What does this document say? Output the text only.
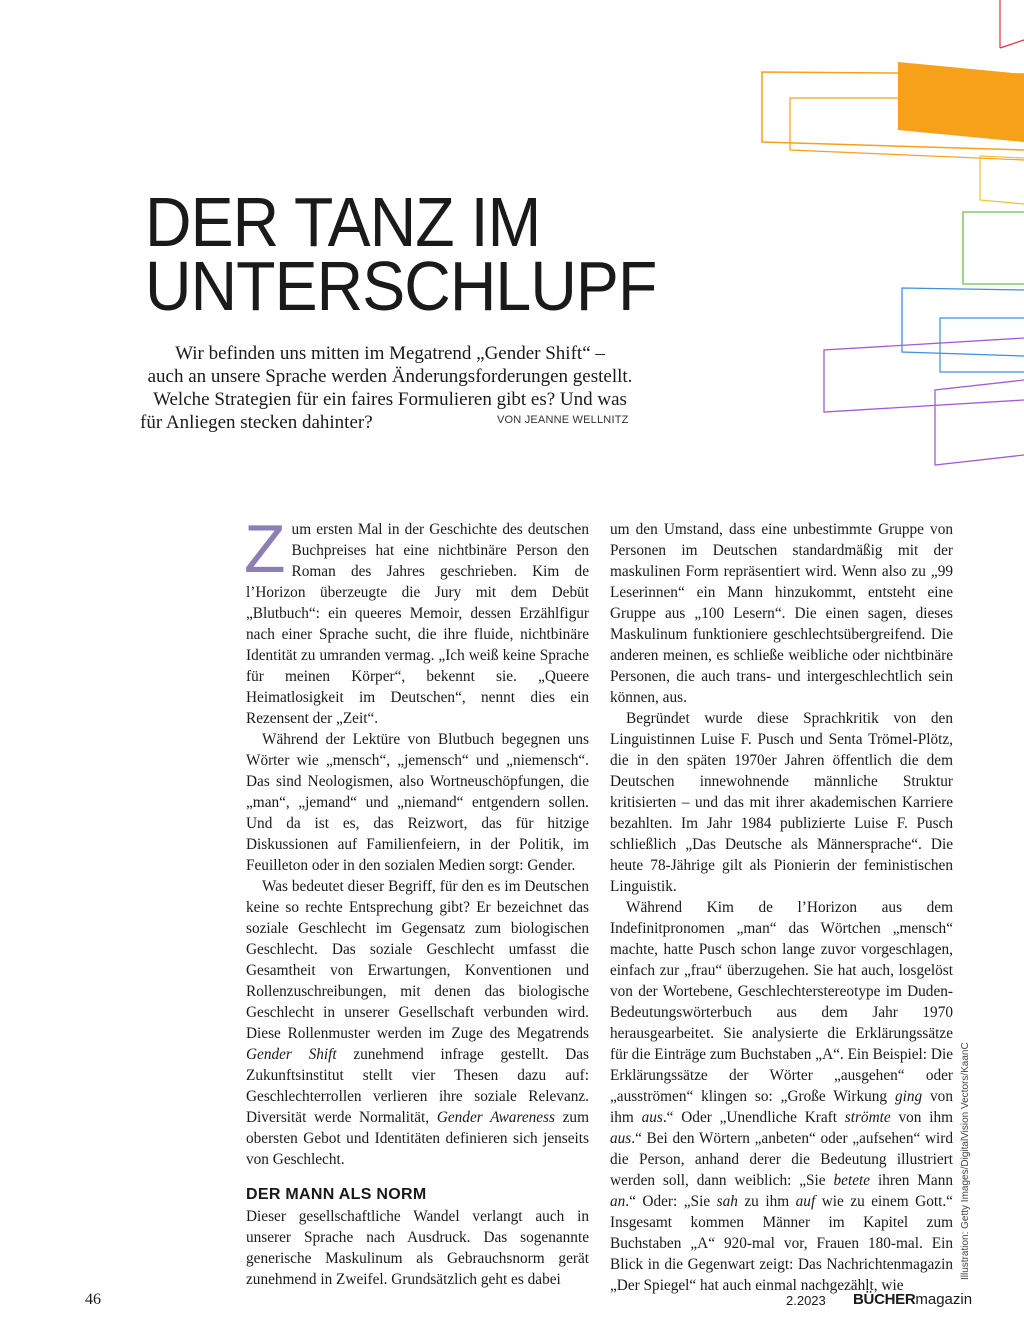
DER TANZ IM
UNTERSCHLUPF
Wir befinden uns mitten im Megatrend „Gender Shift“ –
auch an unsere Sprache werden Änderungsforderungen gestellt.
Welche Strategien für ein faires Formulieren gibt es? Und was
für Anliegen stecken dahinter?	VON JEANNE WELLNITZ

Zum ersten Mal in der Geschichte des deutschen Buchpreises hat eine nichtbinäre Person den Roman des Jahres geschrieben. Kim de l’Horizon überzeugte die Jury mit dem Debüt „Blutbuch“: ein queeres Memoir, dessen Erzählfigur nach einer Sprache sucht, die ihre fluide, nichtbinäre Identität zu umranden vermag. „Ich weiß keine Sprache für meinen Körper“, bekennt sie. „Queere Heimatlosigkeit im Deutschen“, nennt dies ein Rezensent der „Zeit“.

Während der Lektüre von Blutbuch begegnen uns Wörter wie „mensch“, „jemensch“ und „niemensch“. Das sind Neologismen, also Wortneuschöpfungen, die „man“, „jemand“ und „niemand“ entgendern sollen. Und da ist es, das Reizwort, das für hitzige Diskussionen auf Familienfeiern, in der Politik, im Feuilleton oder in den sozialen Medien sorgt: Gender.

Was bedeutet dieser Begriff, für den es im Deutschen keine so rechte Entsprechung gibt? Er bezeichnet das soziale Geschlecht im Gegensatz zum biologischen Geschlecht. Das soziale Geschlecht umfasst die Gesamtheit von Erwartungen, Konventionen und Rollenzuschreibungen, mit denen das biologische Geschlecht in unserer Gesellschaft verbunden wird. Diese Rollenmuster werden im Zuge des Megatrends Gender Shift zunehmend infrage gestellt. Das Zukunftsinstitut stellt vier Thesen dazu auf: Geschlechterrollen verlieren ihre soziale Relevanz. Diversität werde Normalität, Gender Awareness zum obersten Gebot und Identitäten definieren sich jenseits von Geschlecht.

DER MANN ALS NORM

Dieser gesellschaftliche Wandel verlangt auch in unserer Sprache nach Ausdruck. Das sogenannte generische Maskulinum als Gebrauchsnorm gerät zunehmend in Zweifel. Grundsätzlich geht es dabei

um den Umstand, dass eine unbestimmte Gruppe von Personen im Deutschen standardmäßig mit der maskulinen Form repräsentiert wird. Wenn also zu „99 Leserinnen“ ein Mann hinzukommt, entsteht eine Gruppe aus „100 Lesern“. Die einen sagen, dieses Maskulinum funktioniere geschlechtsübergreifend. Die anderen meinen, es schließe weibliche oder nichtbinäre Personen, die auch trans- und intergeschlechtlich sein können, aus.

Begründet wurde diese Sprachkritik von den Linguistinnen Luise F. Pusch und Senta Trömel-Plötz, die in den späten 1970er Jahren öffentlich die dem Deutschen innewohnende männliche Struktur kritisierten – und das mit ihrer akademischen Karriere bezahlten. Im Jahr 1984 publizierte Luise F. Pusch schließlich „Das Deutsche als Männersprache“. Die heute 78-Jährige gilt als Pionierin der feministischen Linguistik.

Während Kim de l’Horizon aus dem Indefinitpronomen „man“ das Wörtchen „mensch“ machte, hatte Pusch schon lange zuvor vorgeschlagen, einfach zur „frau“ überzugehen. Sie hat auch, losgelöst von der Wortebene, Geschlechterstereotype im Duden-Bedeutungswörterbuch aus dem Jahr 1970 herausgearbeitet. Sie analysierte die Erklärungssätze für die Einträge zum Buchstaben „A“. Ein Beispiel: Die Erklärungssätze der Wörter „ausgehen“ oder „ausströmen“ klingen so: „Große Wirkung ging von ihm aus.“ Oder „Unendliche Kraft strömte von ihm aus.“ Bei den Wörtern „anbeten“ oder „aufsehen“ wird die Person, anhand derer die Bedeutung illustriert werden soll, dann weiblich: „Sie betete ihren Mann an.“ Oder: „Sie sah zu ihm auf wie zu einem Gott.“ Insgesamt kommen Männer im Kapitel zum Buchstaben „A“ 920-mal vor, Frauen 180-mal. Ein Blick in die Gegenwart zeigt: Das Nachrichtenmagazin „Der Spiegel“ hat auch einmal nachgezählt, wie

Illustration: Getty Images/DigitalVision Vectors/KaanC
46	2.2023 BÜCHERmagazin
